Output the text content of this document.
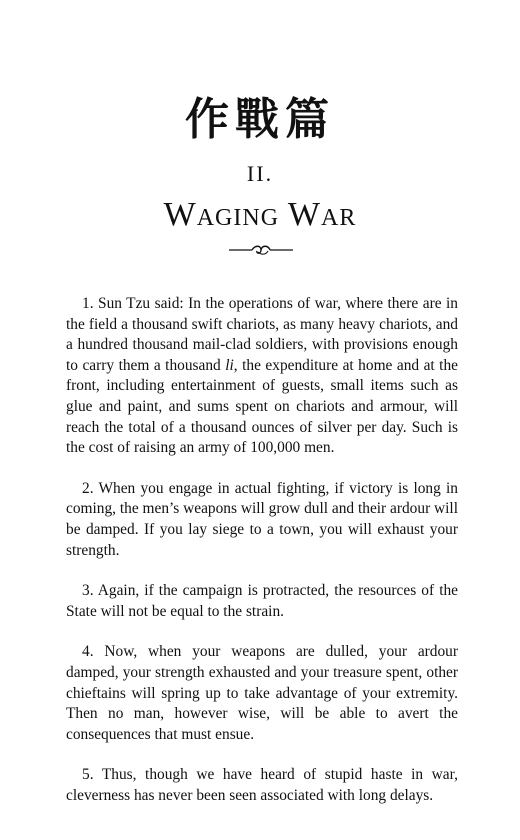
作戰篇
II.
Waging War

1. Sun Tzu said: In the operations of war, where there are in the field a thousand swift chariots, as many heavy chariots, and a hundred thousand mail-clad soldiers, with provisions enough to carry them a thousand li, the expenditure at home and at the front, including entertainment of guests, small items such as glue and paint, and sums spent on chariots and armour, will reach the total of a thousand ounces of silver per day. Such is the cost of raising an army of 100,000 men.

2. When you engage in actual fighting, if victory is long in coming, the men’s weapons will grow dull and their ardour will be damped. If you lay siege to a town, you will exhaust your strength.

3. Again, if the campaign is protracted, the resources of the State will not be equal to the strain.

4. Now, when your weapons are dulled, your ardour damped, your strength exhausted and your treasure spent, other chieftains will spring up to take advantage of your extremity. Then no man, however wise, will be able to avert the consequences that must ensue.

5. Thus, though we have heard of stupid haste in war, cleverness has never been seen associated with long delays.
